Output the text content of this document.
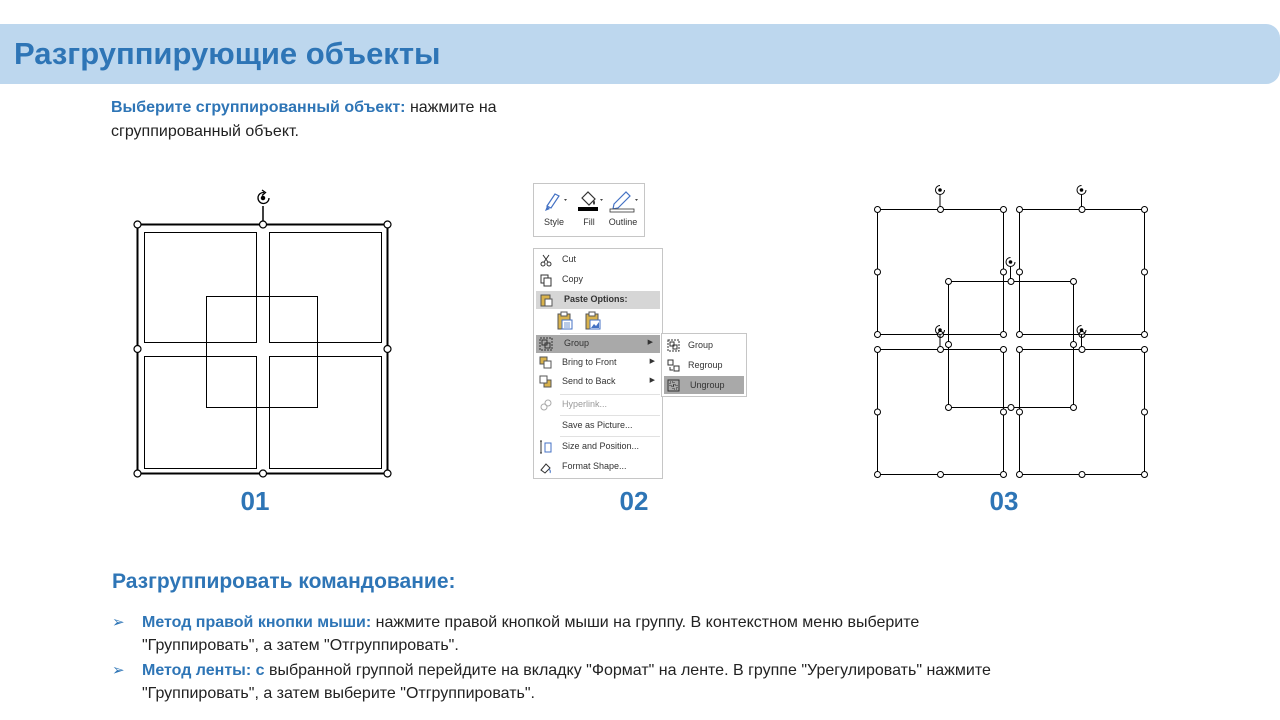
Разгруппирующие объекты
Выберите сгруппированный объект: нажмите на сгруппированный объект.
01
Style	Fill	Outline
Cut
Copy
Paste Options:
Group	▶
Bring to Front	▶
Send to Back	▶
Hyperlink...
Save as Picture...
Size and Position...
Format Shape...
Group
Regroup
Ungroup
02	03
Разгруппировать командование:
➢	Метод правой кнопки мыши: нажмите правой кнопкой мыши на группу. В контекстном меню выберите "Группировать", а затем "Отгруппировать".
➢	Метод ленты: с выбранной группой перейдите на вкладку "Формат" на ленте. В группе "Урегулировать" нажмите "Группировать", а затем выберите "Отгруппировать".
